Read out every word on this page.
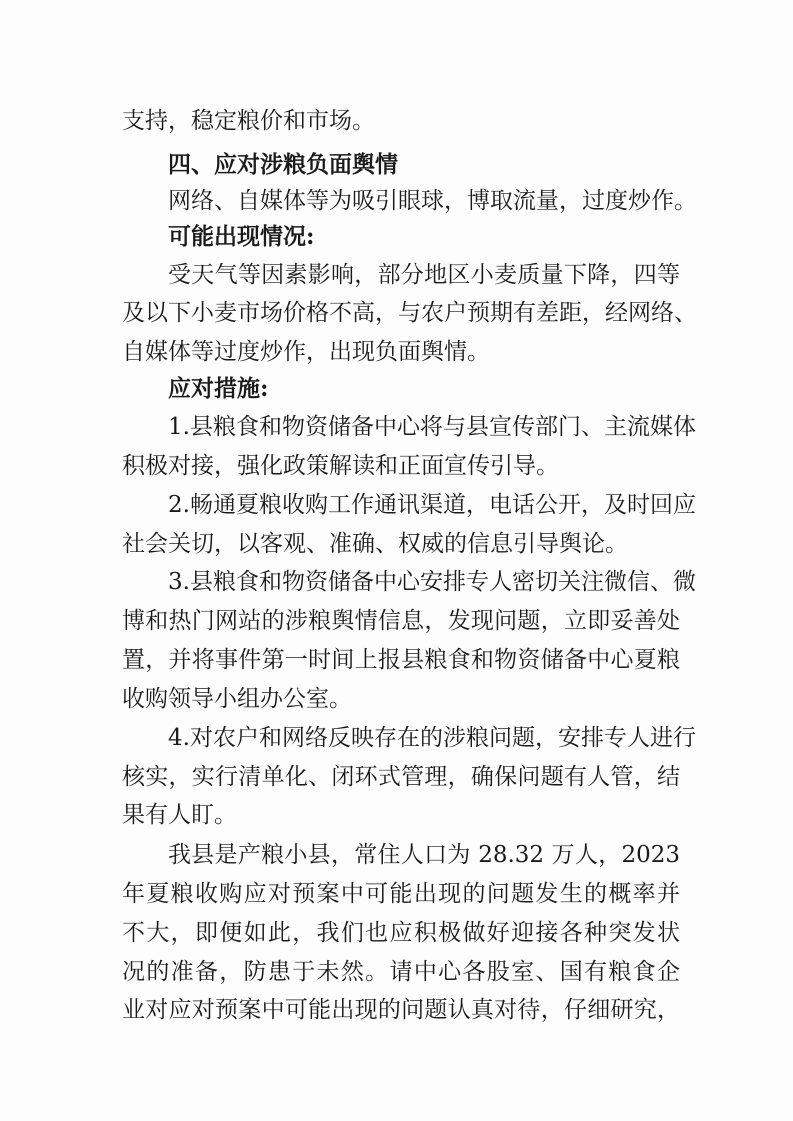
支持，稳定粮价和市场。
四、应对涉粮负面舆情
网络、自媒体等为吸引眼球，博取流量，过度炒作。
可能出现情况:
受天气等因素影响，部分地区小麦质量下降，四等
及以下小麦市场价格不高，与农户预期有差距，经网络、
自媒体等过度炒作，出现负面舆情。
应对措施:
1.县粮食和物资储备中心将与县宣传部门、主流媒体
积极对接，强化政策解读和正面宣传引导。
2.畅通夏粮收购工作通讯渠道，电话公开，及时回应
社会关切，以客观、准确、权威的信息引导舆论。
3.县粮食和物资储备中心安排专人密切关注微信、微
博和热门网站的涉粮舆情信息，发现问题，立即妥善处
置，并将事件第一时间上报县粮食和物资储备中心夏粮
收购领导小组办公室。
4.对农户和网络反映存在的涉粮问题，安排专人进行
核实，实行清单化、闭环式管理，确保问题有人管，结
果有人盯。
我县是产粮小县，常住人口为 28.32 万人，2023
年夏粮收购应对预案中可能出现的问题发生的概率并
不大，即便如此，我们也应积极做好迎接各种突发状
况的准备，防患于未然。请中心各股室、国有粮食企
业对应对预案中可能出现的问题认真对待，仔细研究，
